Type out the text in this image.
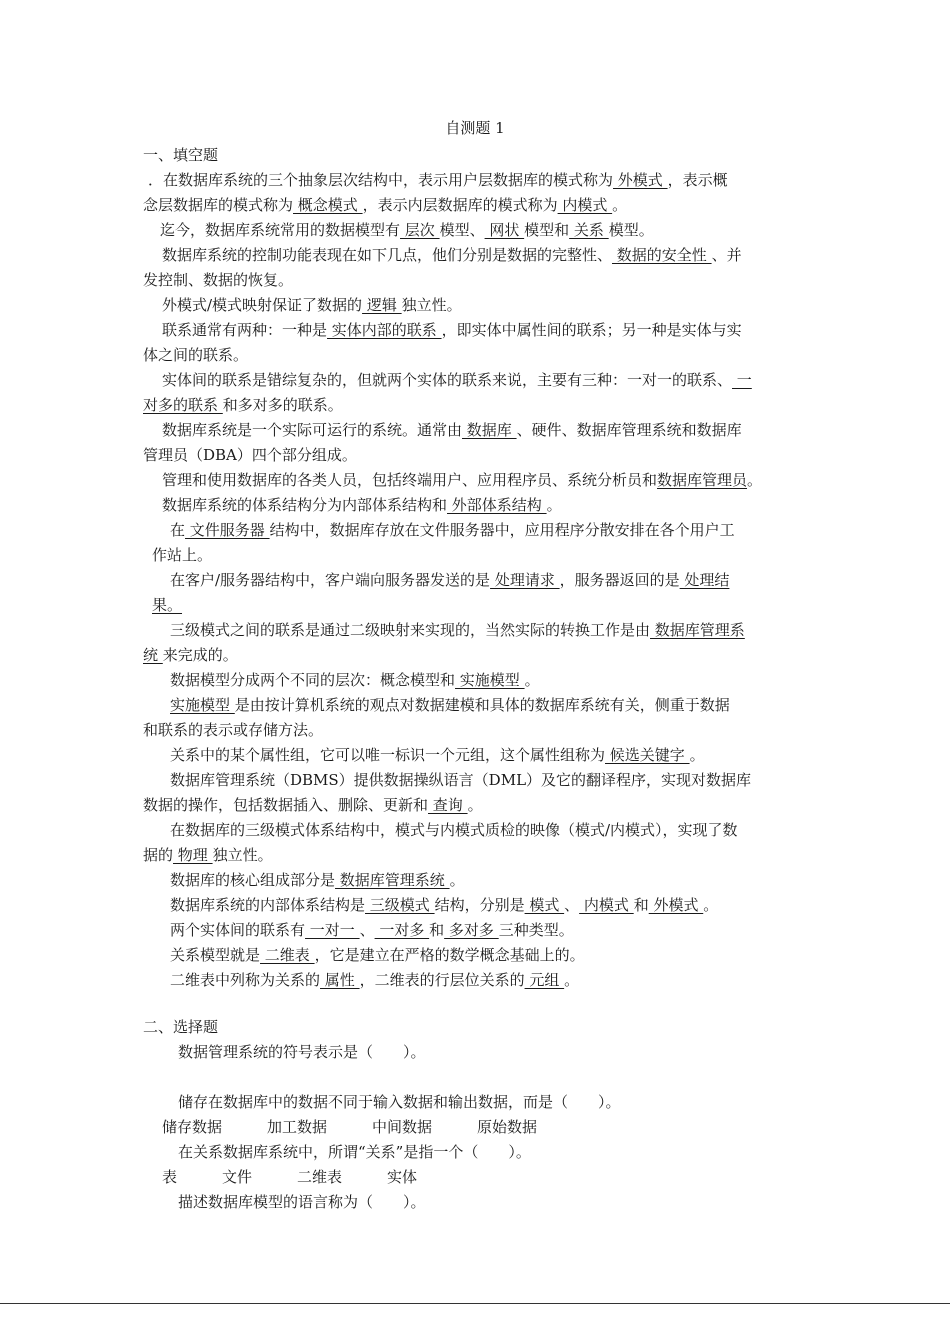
自测题 1
一、填空题
．在数据库系统的三个抽象层次结构中，表示用户层数据库的模式称为 外模式 ，表示概
念层数据库的模式称为 概念模式 ，表示内层数据库的模式称为 内模式 。
迄今，数据库系统常用的数据模型有 层次 模型、 网状 模型和 关系 模型。
数据库系统的控制功能表现在如下几点，他们分别是数据的完整性、 数据的安全性 、并
发控制、数据的恢复。
外模式/模式映射保证了数据的 逻辑 独立性。
联系通常有两种：一种是 实体内部的联系 ，即实体中属性间的联系；另一种是实体与实
体之间的联系。
实体间的联系是错综复杂的，但就两个实体的联系来说，主要有三种：一对一的联系、 一
对多的联系 和多对多的联系。
数据库系统是一个实际可运行的系统。通常由 数据库 、硬件、数据库管理系统和数据库
管理员（DBA）四个部分组成。
管理和使用数据库的各类人员，包括终端用户、应用程序员、系统分析员和数据库管理员。
数据库系统的体系结构分为内部体系结构和 外部体系结构 。
在 文件服务器 结构中，数据库存放在文件服务器中，应用程序分散安排在各个用户工
作站上。
在客户/服务器结构中，客户端向服务器发送的是 处理请求 ，服务器返回的是 处理结
果。
三级模式之间的联系是通过二级映射来实现的，当然实际的转换工作是由 数据库管理系
统 来完成的。
数据模型分成两个不同的层次：概念模型和 实施模型 。
实施模型 是由按计算机系统的观点对数据建模和具体的数据库系统有关，侧重于数据
和联系的表示或存储方法。
关系中的某个属性组，它可以唯一标识一个元组，这个属性组称为 候选关键字 。
数据库管理系统（DBMS）提供数据操纵语言（DML）及它的翻译程序，实现对数据库
数据的操作，包括数据插入、删除、更新和 查询 。
在数据库的三级模式体系结构中，模式与内模式质检的映像（模式/内模式），实现了数
据的 物理 独立性。
数据库的核心组成部分是 数据库管理系统 。
数据库系统的内部体系结构是 三级模式 结构，分别是 模式 、 内模式 和 外模式 。
两个实体间的联系有 一对一 、 一对多 和 多对多 三种类型。
关系模型就是 二维表 ，它是建立在严格的数学概念基础上的。
二维表中列称为关系的 属性 ，二维表的行层位关系的 元组 。
二、选择题
数据管理系统的符号表示是（　　）。
储存在数据库中的数据不同于输入数据和输出数据，而是（　　）。
储存数据　　　加工数据　　　中间数据　　　原始数据
在关系数据库系统中，所谓“关系”是指一个（　　）。
表　　　文件　　　二维表　　　实体
描述数据库模型的语言称为（　　）。
